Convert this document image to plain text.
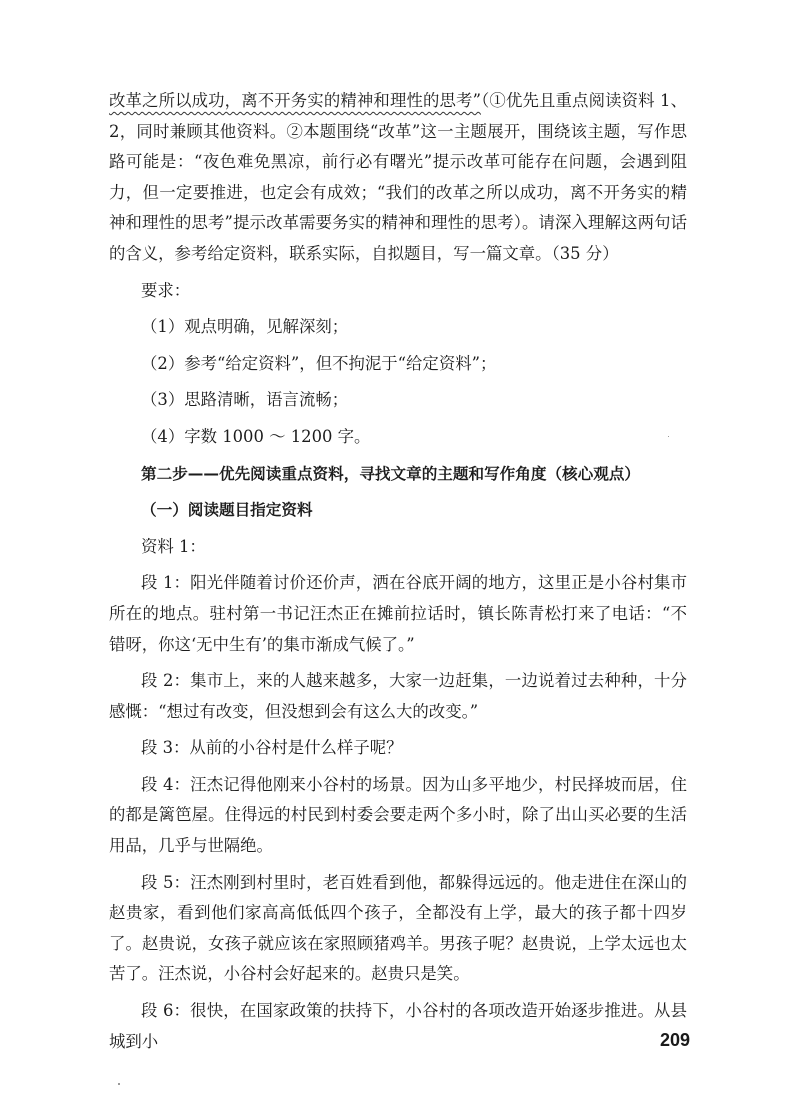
改革之所以成功，离不开务实的精神和理性的思考”（①优先且重点阅读资料 1、2，同时兼顾其他资料。②本题围绕“改革”这一主题展开，围绕该主题，写作思路可能是：“夜色难免黑凉，前行必有曙光”提示改革可能存在问题，会遇到阻力，但一定要推进，也定会有成效；“我们的改革之所以成功，离不开务实的精神和理性的思考”提示改革需要务实的精神和理性的思考）。请深入理解这两句话的含义，参考给定资料，联系实际，自拟题目，写一篇文章。（35 分）

要求：

（1）观点明确，见解深刻；

（2）参考“给定资料”，但不拘泥于“给定资料”；

（3）思路清晰，语言流畅；

（4）字数 1000 ～ 1200 字。

第二步——优先阅读重点资料，寻找文章的主题和写作角度（核心观点）

（一）阅读题目指定资料

资料 1：

段 1：阳光伴随着讨价还价声，洒在谷底开阔的地方，这里正是小谷村集市所在的地点。驻村第一书记汪杰正在摊前拉话时，镇长陈青松打来了电话：“不错呀，你这‘无中生有’的集市渐成气候了。”

段 2：集市上，来的人越来越多，大家一边赶集，一边说着过去种种，十分感慨：“想过有改变，但没想到会有这么大的改变。”

段 3：从前的小谷村是什么样子呢？

段 4：汪杰记得他刚来小谷村的场景。因为山多平地少，村民择坡而居，住的都是篱笆屋。住得远的村民到村委会要走两个多小时，除了出山买必要的生活用品，几乎与世隔绝。

段 5：汪杰刚到村里时，老百姓看到他，都躲得远远的。他走进住在深山的赵贵家，看到他们家高高低低四个孩子，全都没有上学，最大的孩子都十四岁了。赵贵说，女孩子就应该在家照顾猪鸡羊。男孩子呢？赵贵说，上学太远也太苦了。汪杰说，小谷村会好起来的。赵贵只是笑。

段 6：很快，在国家政策的扶持下，小谷村的各项改造开始逐步推进。从县城到小	209
